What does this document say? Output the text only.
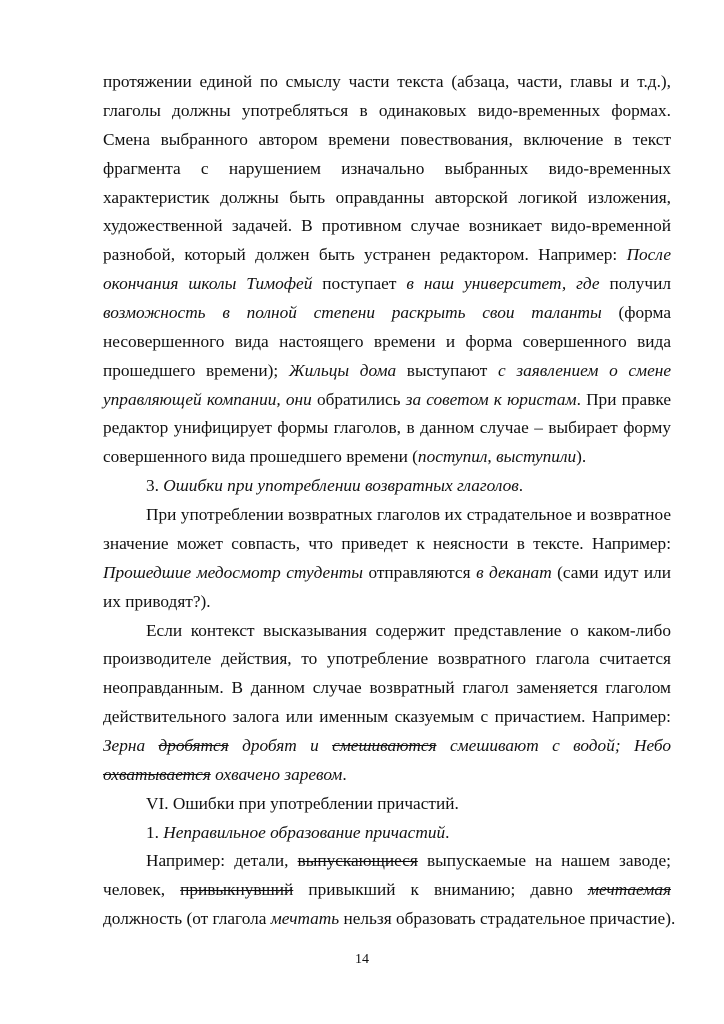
протяжении единой по смыслу части текста (абзаца, части, главы и т.д.),
глаголы должны употребляться в одинаковых видо-временных формах.
Смена выбранного автором времени повествования, включение в текст
фрагмента с нарушением изначально выбранных видо-временных
характеристик должны быть оправданны авторской логикой изложения,
художественной задачей. В противном случае возникает видо-временной
разнобой, который должен быть устранен редактором. Например: После
окончания школы Тимофей поступает в наш университет, где получил
возможность в полной степени раскрыть свои таланты (форма
несовершенного вида настоящего времени и форма совершенного вида
прошедшего времени); Жильцы дома выступают с заявлением о смене
управляющей компании, они обратились за советом к юристам. При правке
редактор унифицирует формы глаголов, в данном случае – выбирает форму
совершенного вида прошедшего времени (поступил, выступили).
3. Ошибки при употреблении возвратных глаголов.
При употреблении возвратных глаголов их страдательное и возвратное
значение может совпасть, что приведет к неясности в тексте. Например:
Прошедшие медосмотр студенты отправляются в деканат (сами идут или
их приводят?).
Если контекст высказывания содержит представление о каком-либо
производителе действия, то употребление возвратного глагола считается
неоправданным. В данном случае возвратный глагол заменяется глаголом
действительного залога или именным сказуемым с причастием. Например:
Зерна дробятся дробят и смешиваются смешивают с водой; Небо
охватывается охвачено заревом.
VI. Ошибки при употреблении причастий.
1. Неправильное образование причастий.
Например: детали, выпускающиеся выпускаемые на нашем заводе;
человек, привыкнувший привыкший к вниманию; давно мечтаемая
должность (от глагола мечтать нельзя образовать страдательное причастие).
14
